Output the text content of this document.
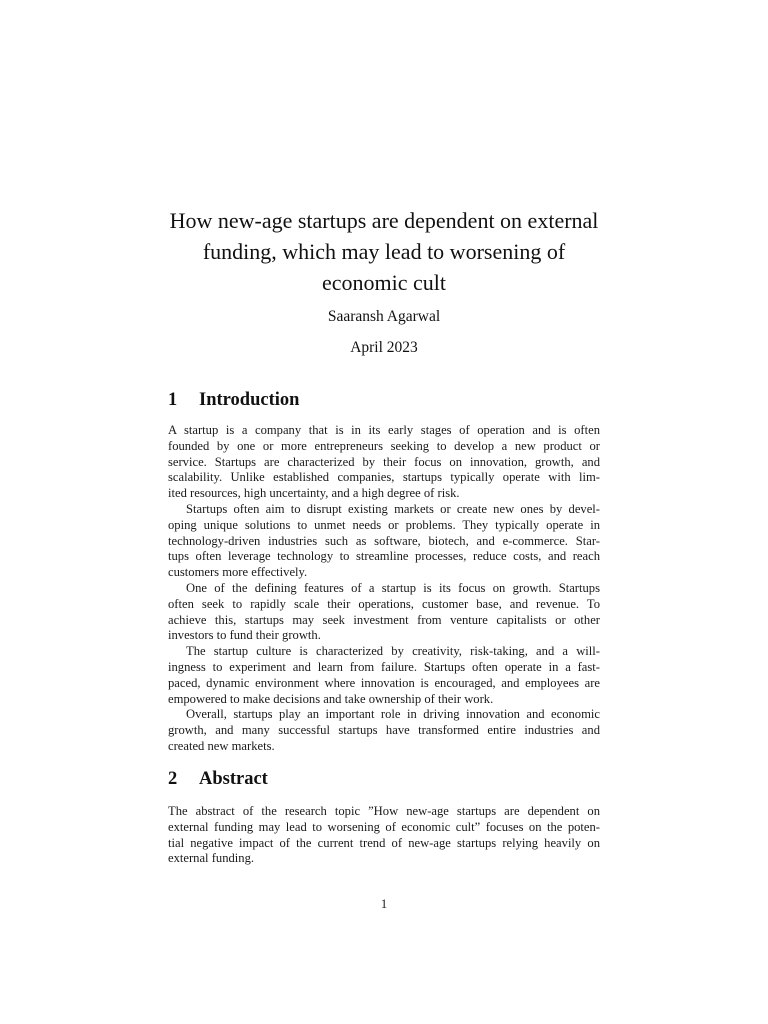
How new-age startups are dependent on external
funding, which may lead to worsening of
economic cult
Saaransh Agarwal
April 2023
1 Introduction

A startup is a company that is in its early stages of operation and is often
founded by one or more entrepreneurs seeking to develop a new product or
service. Startups are characterized by their focus on innovation, growth, and
scalability. Unlike established companies, startups typically operate with lim-
ited resources, high uncertainty, and a high degree of risk.

Startups often aim to disrupt existing markets or create new ones by devel-
oping unique solutions to unmet needs or problems. They typically operate in
technology-driven industries such as software, biotech, and e-commerce. Star-
tups often leverage technology to streamline processes, reduce costs, and reach
customers more effectively.

One of the defining features of a startup is its focus on growth. Startups
often seek to rapidly scale their operations, customer base, and revenue. To
achieve this, startups may seek investment from venture capitalists or other
investors to fund their growth.

The startup culture is characterized by creativity, risk-taking, and a will-
ingness to experiment and learn from failure. Startups often operate in a fast-
paced, dynamic environment where innovation is encouraged, and employees are
empowered to make decisions and take ownership of their work.

Overall, startups play an important role in driving innovation and economic
growth, and many successful startups have transformed entire industries and
created new markets.

2 Abstract

The abstract of the research topic ”How new-age startups are dependent on
external funding may lead to worsening of economic cult” focuses on the poten-
tial negative impact of the current trend of new-age startups relying heavily on
external funding.

1
